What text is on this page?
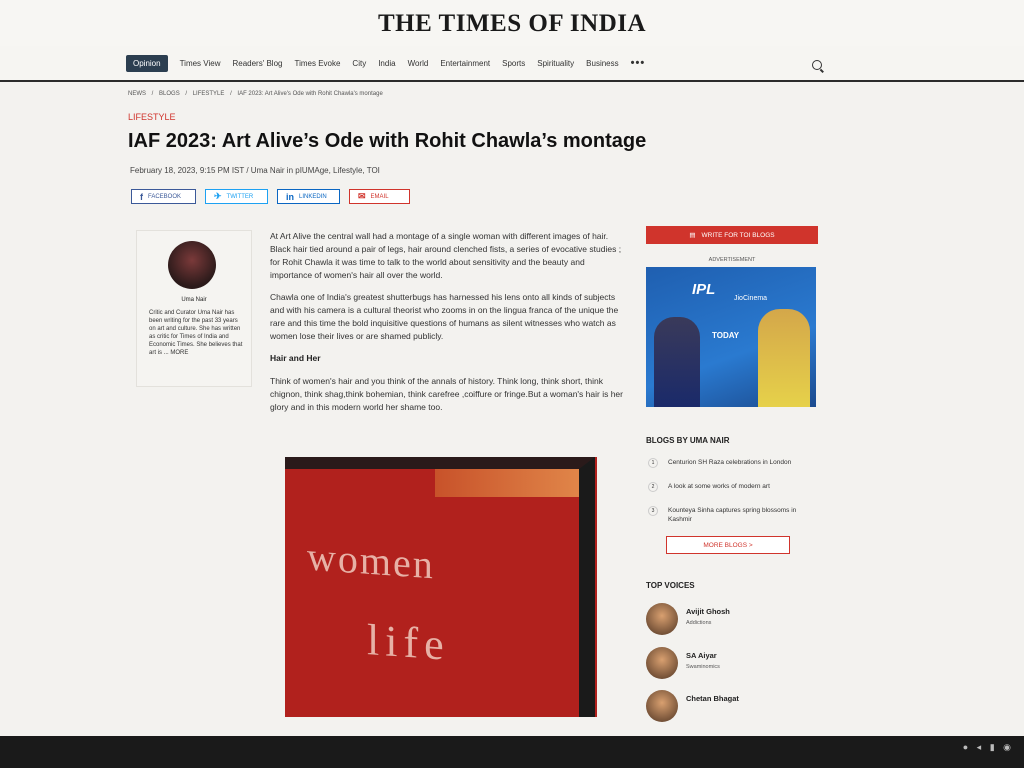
THE TIMES OF INDIA
Opinion	Times View Readers' Blog Times Evoke City India World Entertainment Sports Spirituality Business •••
NEWS / BLOGS / LIFESTYLE / IAF 2023: Art Alive's Ode with Rohit Chawla's montage
LIFESTYLE
IAF 2023: Art Alive’s Ode with Rohit Chawla’s montage
February 18, 2023, 9:15 PM IST / Uma Nair in pIUMAge, Lifestyle, TOI
f FACEBOOK	✈ TWITTER	in LINKEDIN	✉ EMAIL
Uma Nair
Critic and Curator Uma Nair has been writing for the past 33 years on art and culture. She has written as critic for Times of India and Economic Times. She believes that art is ... MORE

At Art Alive the central wall had a montage of a single woman with different images of hair. Black hair tied around a pair of legs, hair around clenched fists, a series of evocative studies ; for Rohit Chawla it was time to talk to the world about sensitivity and the beauty and importance of women's hair all over the world.

Chawla one of India's greatest shutterbugs has harnessed his lens onto all kinds of subjects and with his camera is a cultural theorist who zooms in on the lingua franca of the unique the rare and this time the bold inquisitive questions of humans as silent witnesses who watch as women lose their lives or are shamed publicly.

Hair and Her

Think of women's hair and you think of the annals of history. Think long, think short, think chignon, think shag,think bohemian, think carefree ,coiffure or fringe.But a woman's hair is her glory and in this modern world her shame too.

women
life
▤ WRITE FOR TOI BLOGS
ADVERTISEMENT
IPL
JioCinema
TODAY
BLOGS BY UMA NAIR
1	Centurion SH Raza celebrations in London
2	A look at some works of modern art
3	Kounteya Sinha captures spring blossoms in Kashmir
MORE BLOGS >
TOP VOICES
Avijit Ghosh
Addictions
SA Aiyar
Swaminomics
Chetan Bhagat
● ◂ ▮ ◉
